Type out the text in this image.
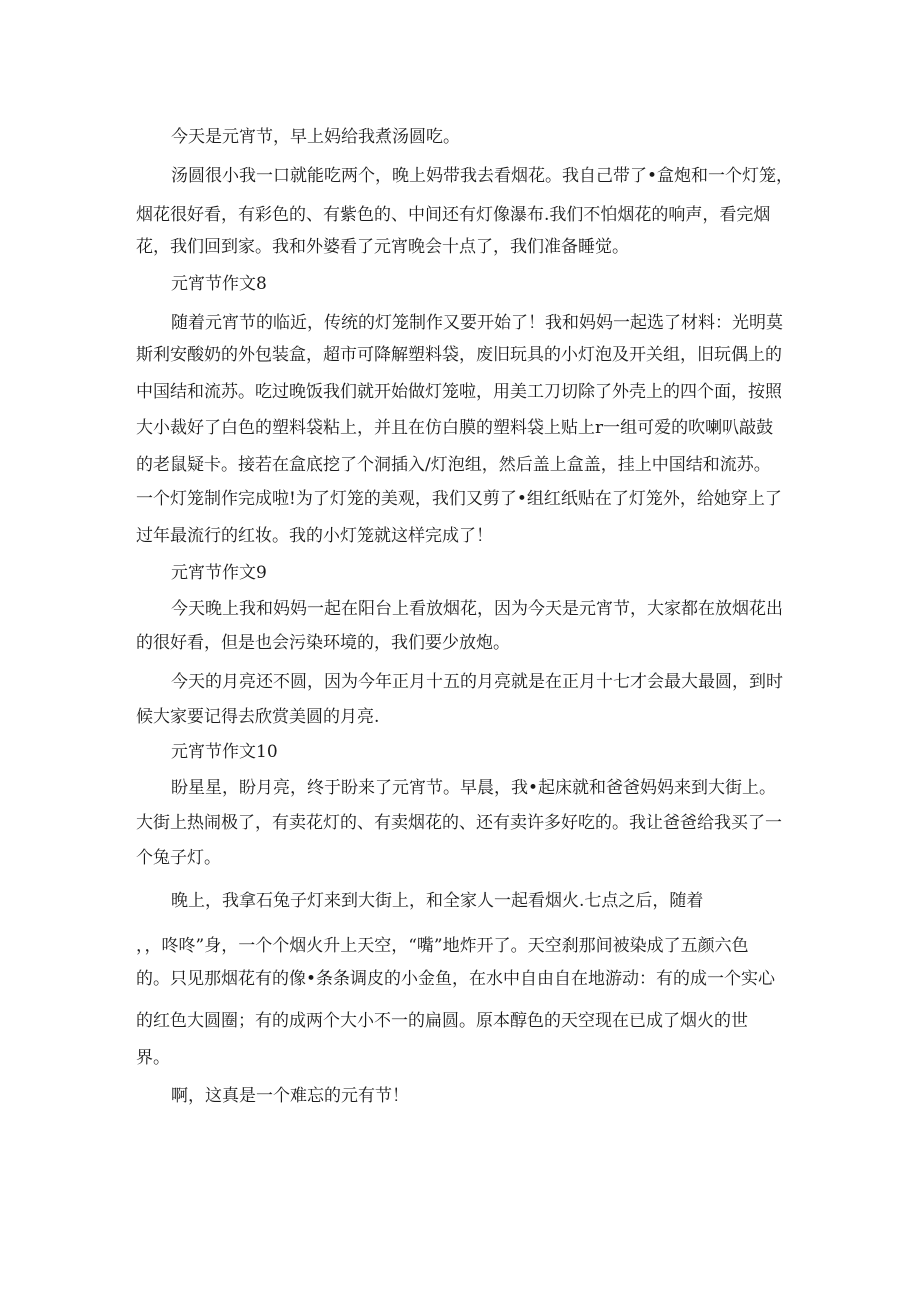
今天是元宵节，早上妈给我煮汤圆吃。
汤圆很小我一口就能吃两个，晚上妈带我去看烟花。我自己带了•盒炮和一个灯笼，
烟花很好看，有彩色的、有紫色的、中间还有灯像瀑布.我们不怕烟花的响声，看完烟
花，我们回到家。我和外婆看了元宵晚会十点了，我们准备睡觉。
元宵节作文8
随着元宵节的临近，传统的灯笼制作又要开始了！我和妈妈一起选了材料：光明莫
斯利安酸奶的外包装盒，超市可降解塑料袋，废旧玩具的小灯泡及开关组，旧玩偶上的
中国结和流苏。吃过晚饭我们就开始做灯笼啦，用美工刀切除了外壳上的四个面，按照
大小裁好了白色的塑料袋粘上，并且在仿白膜的塑料袋上贴上r一组可爱的吹喇叭敲鼓
的老鼠疑卡。接若在盒底挖了个洞插入/灯泡组，然后盖上盒盖，挂上中国结和流苏。
一个灯笼制作完成啦!为了灯笼的美观，我们又剪了•组红纸贴在了灯笼外，给她穿上了
过年最流行的红妆。我的小灯笼就这样完成了！
元宵节作文9
今天晚上我和妈妈一起在阳台上看放烟花，因为今天是元宵节，大家都在放烟花出
的很好看，但是也会污染环境的，我们要少放炮。
今天的月亮还不圆，因为今年正月十五的月亮就是在正月十七才会最大最圆，到时
候大家要记得去欣赏美圆的月亮.
元宵节作文10
盼星星，盼月亮，终于盼来了元宵节。早晨，我•起床就和爸爸妈妈来到大街上。
大街上热闹极了，有卖花灯的、有卖烟花的、还有卖许多好吃的。我让爸爸给我买了一
个兔子灯。
晚上，我拿石兔子灯来到大街上，和全家人一起看烟火.七点之后，随着
，，咚咚”身，一个个烟火升上天空，“嘴”地炸开了。天空刹那间被染成了五颜六色
的。只见那烟花有的像•条条调皮的小金鱼，在水中自由自在地游动：有的成一个实心
的红色大圆圈；有的成两个大小不一的扁圆。原本醇色的天空现在已成了烟火的世
界。
啊，这真是一个难忘的元有节！
